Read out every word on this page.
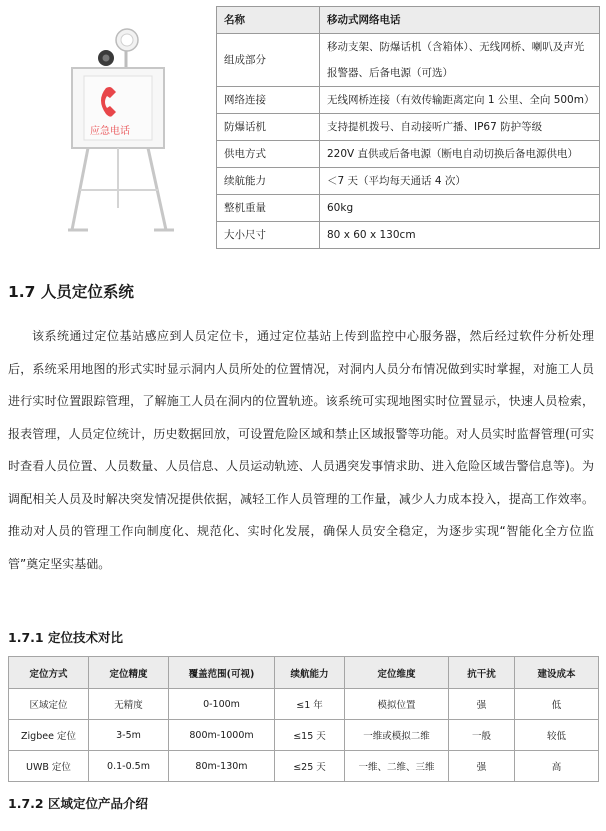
应急电话
名称	移动式网络电话
组成部分	移动支架、防爆话机（含箱体）、无线网桥、喇叭及声光报警器、后备电源（可选）
网络连接	无线网桥连接（有效传输距离定向 1 公里、全向 500m）
防爆话机	支持提机拨号、自动接听广播、IP67 防护等级
供电方式	220V 直供或后备电源（断电自动切换后备电源供电）
续航能力	＜7 天（平均每天通话 4 次）
整机重量	60kg
大小尺寸	80 x 60 x 130cm
1.7 人员定位系统

该系统通过定位基站感应到人员定位卡，通过定位基站上传到监控中心服务器，然后经过软件分析处理后，系统采用地图的形式实时显示洞内人员所处的位置情况，对洞内人员分布情况做到实时掌握，对施工人员进行实时位置跟踪管理，了解施工人员在洞内的位置轨迹。该系统可实现地图实时位置显示，快速人员检索，报表管理，人员定位统计，历史数据回放，可设置危险区域和禁止区域报警等功能。对人员实时监督管理(可实时查看人员位置、人员数量、人员信息、人员运动轨迹、人员遇突发事情求助、进入危险区域告警信息等)。为调配相关人员及时解决突发情况提供依据，减轻工作人员管理的工作量，减少人力成本投入，提高工作效率。推动对人员的管理工作向制度化、规范化、实时化发展，确保人员安全稳定，为逐步实现“智能化全方位监管”奠定坚实基础。

1.7.1 定位技术对比
定位方式	定位精度	覆盖范围(可视)	续航能力	定位维度	抗干扰	建设成本
区域定位	无精度	0-100m	≤1 年	模拟位置	强	低
Zigbee 定位	3-5m	800m-1000m	≤15 天	一维或模拟二维	一般	较低
UWB 定位	0.1-0.5m	80m-130m	≤25 天	一维、二维、三维	强	高
1.7.2 区域定位产品介绍
